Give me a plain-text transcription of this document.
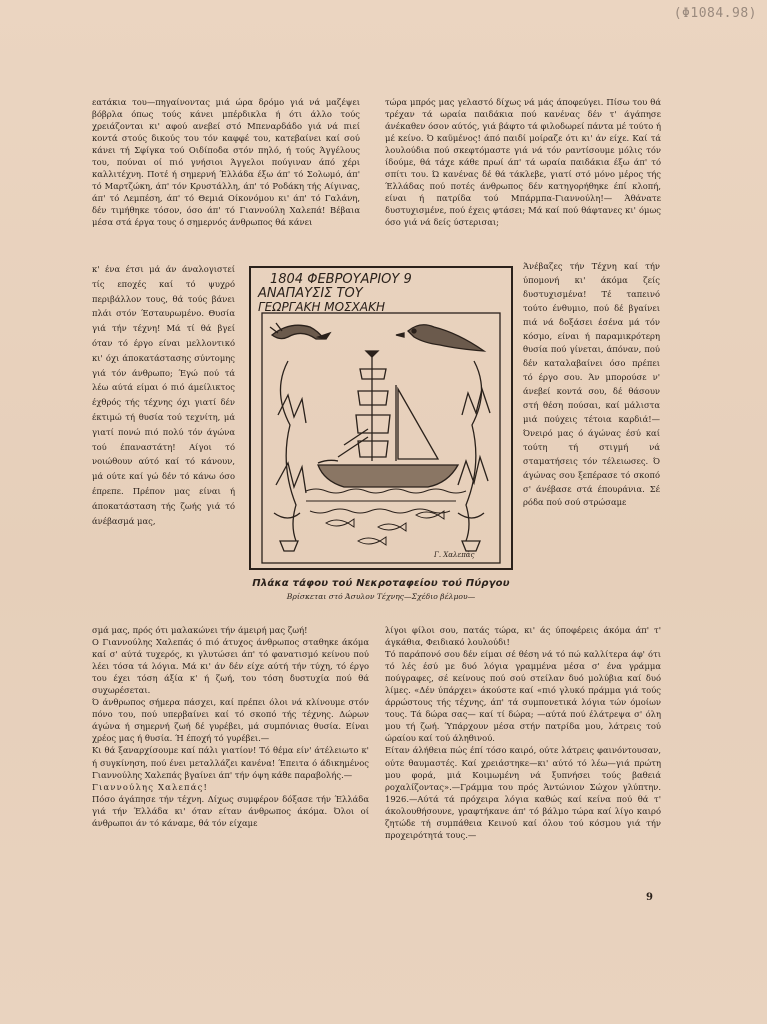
(Φ1084.98)

εατάκια του—πηγαίνοντας μιά ώρα δρόμο γιά νά μαζέψει βόβρλα όπως τούς κάνει μπέρδικλα ή ότι άλλο τούς χρειάζονται κι' αφού ανεβεί στό Μπεναρδάδο γιά νά πιεί κοντά στούς δικούς του τόν καφφέ του, κατεβαίνει καί σού κάνει τή Σφίγκα τού Οιδίποδα στόν πηλό, ή τούς Άγγέλους του, πούναι οί πιό γνήσιοι Άγγελοι πούγιναν άπό χέρι καλλιτέχνη. Ποτέ ή σημερνή Έλλάδα έξω άπ' τό Σολωμό, άπ' τό Μαρτζώκη, άπ' τόν Κρυστάλλη, άπ' τό Ροδάκη τής Αίγινας, άπ' τό Λεμπέση, άπ' τό Θεμιά Οίκονόμου κι' άπ' τό Γαλάνη, δέν τιμήθηκε τόσον, όσο άπ' τό Γιαννούλη Χαλεπά! Βέβαια μέσα στά έργα τους ό σημερνός άνθρωπος θά κάνει

κ' ένα έτσι μά άν άναλογιστεί τίς εποχές καί τό ψυχρό περιβάλλον τους, θά τούς βάνει πλάι στόν Έσταυρωμένο. Θυσία γιά τήν τέχνη! Μά τί θά βγεί όταν τό έργο είναι μελλοντικό κι' όχι άποκατάστασης σύντομης γιά τόν άνθρωπο; Έγώ πού τά λέω αύτά είμαι ό πιό άμείλικτος έχθρός τής τέχνης όχι γιατί δέν έκτιμώ τή θυσία τού τεχνίτη, μά γιατί πονώ πιό πολύ τόν άγώνα τού έπαναστάτη! Αίγοι τό νοιώθουν αύτό καί τό κάνουν, μά ούτε καί γώ δέν τό κάνω όσο έπρεπε. Πρέπον μας είναι ή άποκατάσταση τής ζωής γιά τό άνέβασμά μας,

1804 ΦΕΒΡΟΥΑΡΙΟΥ 9
ΑΝΑΠΑΥΣΙΣ ΤΟΥ
ΓΕΩΡΓΑΚΗ ΜΟΣΧΑΚΗ
Γ. Χαλεπάς
Πλάκα τάφου τού Νεκροταφείου τού Πύργου
Βρίσκεται στό Άσυλον Τέχνης—Σχέδιο βέλμου—

σμά μας, πρός ότι μαλακώνει τήν άμειρή μας ζωή!

Ο Γιαννούλης Χαλεπάς ό πιό άτυχος άνθρωπος σταθηκε άκόμα καί σ' αύτά τυχερός, κι γλυτώσει άπ' τό φανατισμό κείνου πού λέει τόσα τά λόγια. Μά κι' άν δέν είχε αύτή τήν τύχη, τό έργο του έχει τόση άξία κ' ή ζωή, του τόση δυστυχία πού θά συχωρέσεται.

Ό άνθρωπος σήμερα πάσχει, καί πρέπει όλοι νά κλίνουμε στόν πόνο του, πού υπερβαίνει καί τό σκοπό τής τέχνης. Δώρων άγώνα ή σημερνή ζωή δέ γυρέβει, μά συμπόνιας θυσία. Είναι χρέος μας ή θυσία. Ή έποχή τό γυρέβει.—

Κι θά ξαναρχίσουμε καί πάλι γιατίον! Τό θέμα είν' άτέλειωτο κ' ή συγκίνηση, πού ένει μεταλλάζει κανένα! Έπειτα ό άδικημένος Γιαννούλης Χαλεπάς βγαίνει άπ' τήν όψη κάθε παραβολής.—

Γιαννούλης Χαλεπάς!

Πόσο άγάπησε τήν τέχνη. Δίχως συμφέρον δόξασε τήν Έλλάδα γιά τήν Έλλάδα κι' όταν είταν άνθρωπος άκόμα. Όλοι οί άνθρωποι άν τό κάναμε, θά τόν είχαμε

τώρα μπρός μας γελαστό δίχως νά μάς άποφεύγει. Πίσω του θά τρέχαν τά ωραία παιδάκια πού κανένας δέν τ' άγάπησε άνέκαθεν όσον αύτός, γιά βάφτο τά φιλοδωρεί πάντα μέ τούτο ή μέ κείνο. Ό καϋμένος! άπό παιδί μοίραζε ότι κι' άν είχε. Καί τά λουλούδια πού σκεφτόμαστε γιά νά τόν ραντίσουμε μόλις τόν ίδούμε, θά τάχε κάθε πρωί άπ' τά ωραία παιδάκια έξω άπ' τό σπίτι του. Ώ κανένας δέ θά τάκλεβε, γιατί στό μόνο μέρος τής Έλλάδας πού ποτές άνθρωπος δέν κατηγορήθηκε έπί κλοπή, είναι ή πατρίδα τού Μπάρμπα-Γιαννούλη!— Άθάνατε δυστυχισμένε, πού έχεις φτάσει; Μά καί πού θάφτανες κι' όμως όσο γιά νά δείς ύστερισαι;

Άνέβαζες τήν Τέχνη καί τήν ύπομονή κι' άκόμα ζείς δυστυχισμένα! Τέ ταπεινό τούτο ένθυμιο, πού δέ βγαίνει πιά νά δοξάσει έσένα μά τόν κόσμο, είναι ή παραμικρότερη θυσία πού γίνεται, άπόναν, πού δέν καταλαβαίνει όσο πρέπει τό έργο σου. Άν μπορούσε ν' άνεβεί κοντά σου, δέ θάσουν στή θέση πούσαι, καί μάλιστα μιά πούχεις τέτοια καρδιά!— Όνειρό μας ό άγώνας έσύ καί τούτη τή στιγμή νά σταματήσεις τόν τέλειωσες. Ό άγώνας σου ξεπέρασε τό σκοπό σ' άνέβασε στά έπουράνια. Σέ ρόδα πού σού στρώσαμε

λίγοι φίλοι σου, πατάς τώρα, κι' άς ύποφέρεις άκόμα άπ' τ' άγκάθια, Φειδιακό λουλούδι!

Τό παράπονό σου δέν είμαι σέ θέση νά τό πώ καλλίτερα άφ' ότι τό λές έσύ με δυό λόγια γραμμένα μέσα σ' ένα γράμμα πούγραφες, σέ κείνους πού σού στείλαν δυό μολύβια καί δυό λίμες. «Δέν ύπάρχει» άκούστε καί «πιό γλυκό πράμμα γιά τούς άρρώστους τής τέχνης, άπ' τά συμπονετικά λόγια τών όμοίων τους. Τά δώρα σας— καί τί δώρα; —αύτά πού έλάτρεψα σ' όλη μου τή ζωή. Ύπάρχουν μέσα στήν πατρίδα μου, λάτρεις τού ώραίου καί τού άληθινού.

Είταν άλήθεια πώς έπί τόσο καιρό, ούτε λάτρεις φαινόντουσαν, ούτε θαυμαστές. Καί χρειάστηκε—κι' αύτό τό λέω—γιά πρώτη μου φορά, μιά Κοιμωμένη νά ξυπνήσει τούς βαθειά ροχαλίζοντας».—Γράμμα του πρός Άντώνιον Σώχον γλύπτην. 1926.—Αύτά τά πρόχειρα λόγια καθώς καί κείνα πού θά τ' άκολουθήσουνε, γραφτήκανε άπ' τό βάλμο τώρα καί λίγο καιρό ζητώδε τή συμπάθεια Κεινού καί όλου τού κόσμου γιά τήν προχειρότητά τους.—

9
